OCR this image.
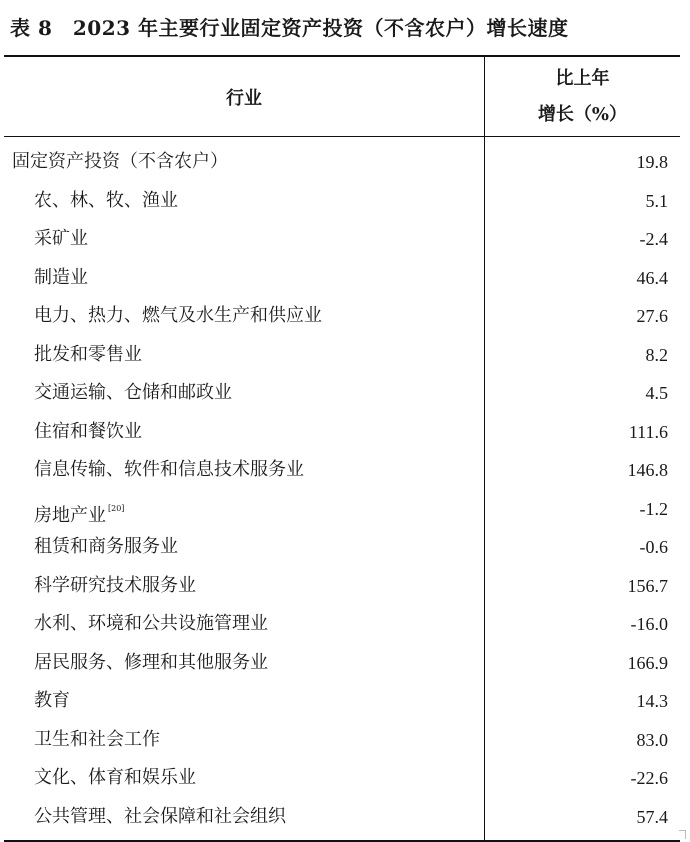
表 8　2023 年主要行业固定资产投资（不含农户）增长速度
行业
比上年
增长（%）
固定资产投资（不含农户）
农、林、牧、渔业
采矿业
制造业
电力、热力、燃气及水生产和供应业
批发和零售业
交通运输、仓储和邮政业
住宿和餐饮业
信息传输、软件和信息技术服务业
房地产业 [20]
租赁和商务服务业
科学研究技术服务业
水利、环境和公共设施管理业
居民服务、修理和其他服务业
教育
卫生和社会工作
文化、体育和娱乐业
公共管理、社会保障和社会组织
19.8
5.1
-2.4
46.4
27.6
8.2
4.5
111.6
146.8
-1.2
-0.6
156.7
-16.0
166.9
14.3
83.0
-22.6
57.4
